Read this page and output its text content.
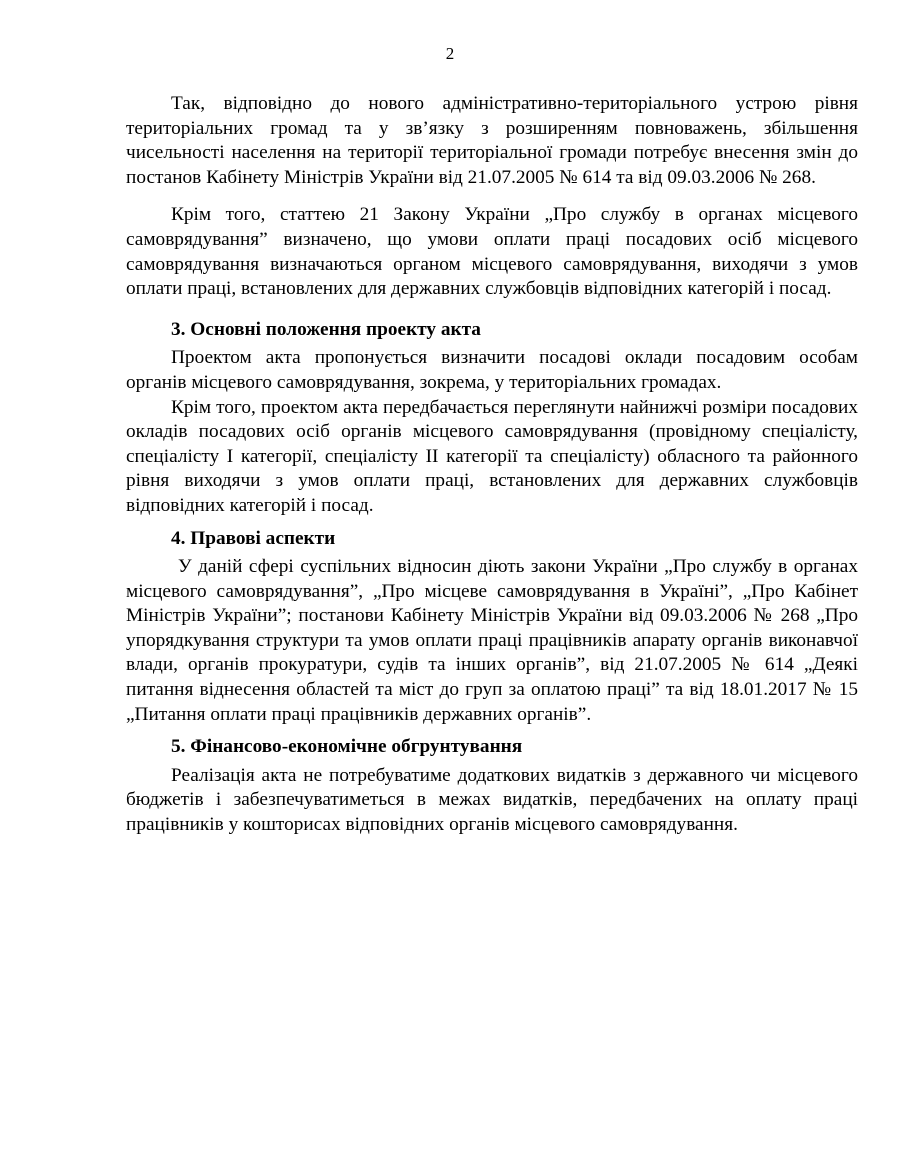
2

Так, відповідно до нового адміністративно-територіального устрою рівня територіальних громад та у зв’язку з розширенням повноважень, збільшення чисельності населення на території територіальної громади потребує внесення змін до постанов Кабінету Міністрів України від 21.07.2005 № 614 та від 09.03.2006 № 268.

Крім того, статтею 21 Закону України „Про службу в органах місцевого самоврядування” визначено, що умови оплати праці посадових осіб місцевого самоврядування визначаються органом місцевого самоврядування, виходячи з умов оплати праці, встановлених для державних службовців відповідних категорій і посад.

3. Основні положення проекту акта

Проектом акта пропонується визначити посадові оклади посадовим особам органів місцевого самоврядування, зокрема, у територіальних громадах.

Крім того, проектом акта передбачається переглянути найнижчі розміри посадових окладів посадових осіб органів місцевого самоврядування (провідному спеціалісту, спеціалісту I категорії, спеціалісту II категорії та спеціалісту) обласного та районного рівня виходячи з умов оплати праці, встановлених для державних службовців відповідних категорій і посад.

4. Правові аспекти

У даній сфері суспільних відносин діють закони України „Про службу в органах місцевого самоврядування”, „Про місцеве самоврядування в Україні”, „Про Кабінет Міністрів України”; постанови Кабінету Міністрів України від 09.03.2006 № 268 „Про упорядкування структури та умов оплати праці працівників апарату органів виконавчої влади, органів прокуратури, судів та інших органів”, від 21.07.2005 № 614 „Деякі питання віднесення областей та міст до груп за оплатою праці” та від 18.01.2017 № 15 „Питання оплати праці працівників державних органів”.

5. Фінансово-економічне обгрунтування

Реалізація акта не потребуватиме додаткових видатків з державного чи місцевого бюджетів і забезпечуватиметься в межах видатків, передбачених на оплату праці працівників у кошторисах відповідних органів місцевого самоврядування.
